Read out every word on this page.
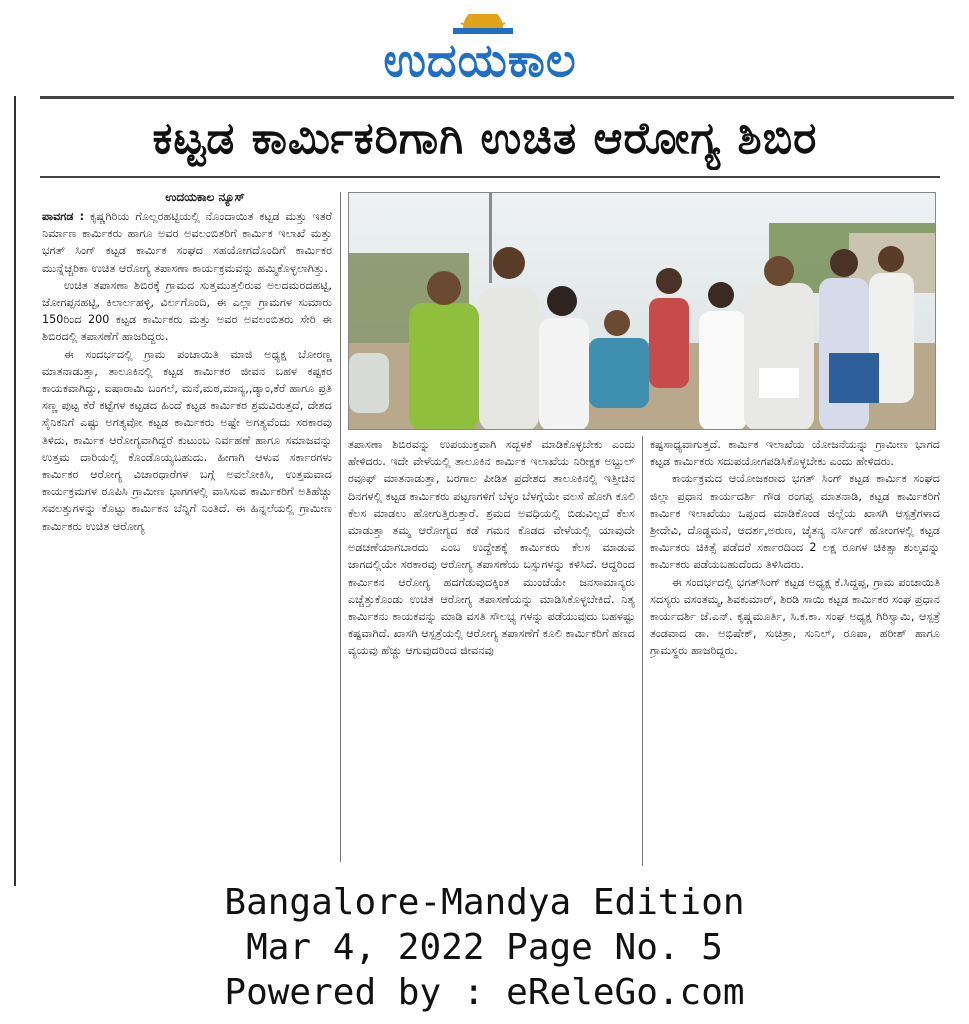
ಉದಯಕಾಲ
ಕಟ್ಟಡ ಕಾರ್ಮಿಕರಿಗಾಗಿ ಉಚಿತ ಆರೋಗ್ಯ ಶಿಬಿರ
ಉದಯಕಾಲ ನ್ಯೂಸ್

ಪಾವಗಡ : ಕೃಷ್ಣಗಿರಿಯ ಗೊಲ್ಲರಹಟ್ಟಿಯಲ್ಲಿ ನೊಂದಾಯಿತ ಕಟ್ಟಡ ಮತ್ತು ಇತರೆ ನಿರ್ಮಾಣ ಕಾರ್ಮಿಕರು ಹಾಗೂ ಅವರ ಅವಲಂಬಿತರಿಗೆ ಕಾರ್ಮಿಕ ಇಲಾಖೆ ಮತ್ತು ಭಗತ್ ಸಿಂಗ್ ಕಟ್ಟಡ ಕಾರ್ಮಿಕ ಸಂಘದ ಸಹಯೋಗದೊಂದಿಗೆ ಕಾರ್ಮಿಕರ ಮುನ್ನೆಚ್ಚರಿಕಾ ಉಚಿತ ಆರೋಗ್ಯ ತಪಾಸಣಾ ಕಾರ್ಯಕ್ರಮವನ್ನು ಹಮ್ಮಿಕೊಳ್ಳಲಾಗಿತ್ತು.

ಉಚಿತ ತಪಾಸಣಾ ಶಿಬಿರಕ್ಕೆ ಗ್ರಾಮದ ಸುತ್ತಮುತ್ತಲಿರುವ ಅಲದಮರದಹಟ್ಟಿ, ಜೋಗಪ್ಪನಹಟ್ಟಿ, ಕಿಲಾರ್ಲಹಳ್ಳಿ, ವಿರ್ಲಗೊಂದಿ, ಈ ಎಲ್ಲಾ ಗ್ರಾಮಗಳ ಸುಮಾರು 150ರಿಂದ 200 ಕಟ್ಟಡ ಕಾರ್ಮಿಕರು ಮತ್ತು ಅವರ ಅವಲಂಬಿತರು ಸೇರಿ ಈ ಶಿಬಿರದಲ್ಲಿ ತಪಾಸಣೆಗೆ ಹಾಜರಿದ್ದರು.

ಈ ಸಂದರ್ಭದಲ್ಲಿ ಗ್ರಾಮ ಪಂಚಾಯಿತಿ ಮಾಜಿ ಅಧ್ಯಕ್ಷ ಬೋರಣ್ಣ ಮಾತನಾಡುತ್ತಾ, ತಾಲೂಕಿನಲ್ಲಿ ಕಟ್ಟಡ ಕಾರ್ಮಿಕರ ಜೀವನ ಬಹಳ ಕಷ್ಟಕರ ಕಾಯಕವಾಗಿದ್ದು, ಐಷಾರಾಮಿ ಬಂಗಲೆ, ಮನೆ,ಮಠ,ಮಾನ್ಯ,,ಡ್ಯಾಂ,ಕೆರೆ ಹಾಗೂ ಪ್ರತಿ ಸಣ್ಣ ಪುಟ್ಟ ಕೆರೆ ಕಟ್ಟೆಗಳ ಕಟ್ಟಡದ ಹಿಂದೆ ಕಟ್ಟಡ ಕಾರ್ಮಿಕರ ಶ್ರಮವಿರುತ್ತದೆ, ದೇಶದ ಸೈನಿಕನಿಗೆ ಎಷ್ಟು ಅಗತ್ಯವೋ ಕಟ್ಟಡ ಕಾರ್ಮಿಕರು ಅಷ್ಟೇ ಅಗತ್ಯವೆಂದು ಸರಕಾರವು ತಿಳಿದು, ಕಾರ್ಮಿಕ ಆರೋಗ್ಯವಾಗಿದ್ದರೆ ಕುಟುಂಬ ನಿರ್ವಹಣೆ ಹಾಗೂ ಸಮಾಜವನ್ನು ಉತ್ತಮ ದಾರಿಯಲ್ಲಿ ಕೊಂಡೊಯ್ಯಬಹುದು. ಹೀಗಾಗಿ ಆಳುವ ಸರ್ಕಾರಗಳು ಕಾರ್ಮಿಕರ ಆರೋಗ್ಯ ವಿಚಾರಧಾರೆಗಳ ಬಗ್ಗೆ ಅವಲೋಕಿಸಿ, ಉತ್ತಮವಾದ ಕಾರ್ಯಕ್ರಮಗಳ ರೂಪಿಸಿ ಗ್ರಾಮೀಣ ಭಾಗಗಳಲ್ಲಿ ವಾಸಿಸುವ ಕಾರ್ಮಿಕರಿಗೆ ಅತಿಹೆಚ್ಚು ಸವಲತ್ತುಗಳನ್ನು ಕೊಟ್ಟು ಕಾರ್ಮಿಕನ ಬೆನ್ನಿಗೆ ನಿಂತಿದೆ. ಈ ಹಿನ್ನಲೆಯಲ್ಲಿ ಗ್ರಾಮೀಣ ಕಾರ್ಮಿಕರು ಉಚಿತ ಆರೋಗ್ಯ

ತಪಾಸಣಾ ಶಿಬಿರವನ್ನು ಉಪಯುಕ್ತವಾಗಿ ಸದ್ಬಳಕೆ ಮಾಡಿಕೊಳ್ಳಬೇಕು ಎಂದು ಹೇಳಿದರು. ಇದೇ ವೇಳೆಯಲ್ಲಿ ತಾಲೂಕಿನ ಕಾರ್ಮಿಕ ಇಲಾಖೆಯ ನಿರೀಕ್ಷಕ ಅಬ್ದುಲ್ ರವೂಫ್ ಮಾತನಾಡುತ್ತಾ, ಬರಗಾಲ ಪೀಡಿತ ಪ್ರದೇಶದ ತಾಲೂಕಿನಲ್ಲಿ ಇತ್ತೀಚಿನ ದಿನಗಳಲ್ಲಿ ಕಟ್ಟಡ ಕಾರ್ಮಿಕರು ಪಟ್ಟಣಗಳಿಗೆ ಬೆಳ್ಳಂ ಬೆಳಗ್ಗೆಯೇ ವಲಸೆ ಹೋಗಿ ಕೂಲಿ ಕೆಲಸ ಮಾಡಲು ಹೋಗುತ್ತಿರುತ್ತಾರೆ. ಶ್ರಮದ ಅವಧಿಯಲ್ಲಿ ಬಿಡುವಿಲ್ಲದೆ ಕೆಲಸ ಮಾಡುತ್ತಾ ತಮ್ಮ ಆರೋಗ್ಯದ ಕಡೆ ಗಮನ ಕೊಡದ ವೇಳೆಯಲ್ಲಿ ಯಾವುದೇ ಅಡಚಣೆಯಾಗಬಾರದು ಎಂಬ ಉದ್ದೇಶಕ್ಕೆ ಕಾರ್ಮಿಕರು ಕೆಲಸ ಮಾಡುವ ಜಾಗದಲ್ಲಿಯೇ ಸರಕಾರವು ಆರೋಗ್ಯ ತಪಾಸಣೆಯ ಬಸ್ಸುಗಳನ್ನು ಕಳಿಸಿದೆ. ಆದ್ದರಿಂದ ಕಾರ್ಮಿಕನ ಆರೋಗ್ಯ ಹದಗೆಡುವುದಕ್ಕಿಂತ ಮುಂಚೆಯೇ ಜನಸಾಮಾನ್ಯರು ಎಚ್ಚೆತ್ತುಕೊಂಡು ಉಚಿತ ಆರೋಗ್ಯ ತಪಾಸಣೆಯನ್ನು ಮಾಡಿಸಿಕೊಳ್ಳಬೇಕಿದೆ. ನಿತ್ಯ ಕಾರ್ಮಿಕನು ಕಾಯಕವನ್ನು ಮಾಡಿ ವಸತಿ ಸೌಲಭ್ಯ ಗಳನ್ನು ಪಡೆಯುವುದು ಬಹಳಷ್ಟು ಕಷ್ಟವಾಗಿದೆ. ಖಾಸಗಿ ಆಸ್ಪತ್ರೆಯಲ್ಲಿ ಆರೋಗ್ಯ ತಪಾಸಣೆಗೆ ಕೂಲಿ ಕಾರ್ಮಿಕರಿಗೆ ಹಣದ ವ್ಯಯವು ಹೆಚ್ಚು ಆಗುವುದರಿಂದ ಜೀವನವು

ಕಷ್ಟಸಾಧ್ಯವಾಗುತ್ತದೆ. ಕಾರ್ಮಿಕ ಇಲಾಖೆಯ ಯೋಜನೆಯನ್ನು ಗ್ರಾಮೀಣ ಭಾಗದ ಕಟ್ಟಡ ಕಾರ್ಮಿಕರು ಸದುಪಯೋಗಪಡಿಸಿಕೊಳ್ಳಬೇಕು ಎಂದು ಹೇಳಿದರು.

ಕಾರ್ಯಕ್ರಮದ ಆಯೋಜಕರಾದ ಭಗತ್ ಸಿಂಗ್ ಕಟ್ಟಡ ಕಾರ್ಮಿಕ ಸಂಘದ ಜಿಲ್ಲಾ ಪ್ರಧಾನ ಕಾರ್ಯದರ್ಶಿ ಗೌಡ ರಂಗಪ್ಪ ಮಾತನಾಡಿ, ಕಟ್ಟಡ ಕಾರ್ಮಿಕರಿಗೆ ಕಾರ್ಮಿಕ ಇಲಾಖೆಯು ಒಪ್ಪಂದ ಮಾಡಿಕೊಂಡ ಜಿಲ್ಲೆಯ ಖಾಸಗಿ ಆಸ್ಪತ್ರೆಗಳಾದ ಶ್ರೀದೇವಿ, ದೊಡ್ಡಮನೆ, ಆದರ್ಶ,ಅರುಣ, ಚೈತನ್ಯ ನರ್ಸಿಂಗ್ ಹೋಂಗಳಲ್ಲಿ ಕಟ್ಟಡ ಕಾರ್ಮಿಕರು ಚಿಕಿತ್ಸೆ ಪಡೆದರೆ ಸರ್ಕಾರದಿಂದ 2 ಲಕ್ಷ ರೂಗಳ ಚಿಕಿತ್ಸಾ ಶುಲ್ಕವನ್ನು ಕಾರ್ಮಿಕರು ಪಡೆಯಬಹುದೆಂದು ತಿಳಿಸಿದರು.

ಈ ಸಂದರ್ಭದಲ್ಲಿ ಭಗತ್‌ಸಿಂಗ್ ಕಟ್ಟಡ ಅಧ್ಯಕ್ಷ ಕೆ.ಸಿದ್ದಪ್ಪ, ಗ್ರಾಮ ಪಂಚಾಯಿತಿ ಸದಸ್ಯರು ವಸಂತಮ್ಮ, ಶಿವಕುಮಾರ್, ಶಿರಡಿ ಸಾಯಿ ಕಟ್ಟಡ ಕಾರ್ಮಿಕರ ಸಂಘ ಪ್ರಧಾನ ಕಾರ್ಯದರ್ಶಿ ಜೆ.ಎನ್. ಕೃಷ್ಣಮೂರ್ತಿ, ಸಿ.ಕ.ಕಾ. ಸಂಘ ಅಧ್ಯಕ್ಷ ಗಿರಿಸ್ವಾಮಿ, ಆಸ್ಪತ್ರೆ ತಂಡವಾದ ಡಾ. ಅಭಿಷೇಕ್, ಸುಚಿತ್ರಾ, ಸುನಿಲ್, ರೂಪಾ, ಹರೀಶ್ ಹಾಗೂ ಗ್ರಾಮಸ್ಥರು ಹಾಜರಿದ್ದರು.

Bangalore-Mandya Edition
Mar 4, 2022 Page No. 5
Powered by : eReleGo.com
